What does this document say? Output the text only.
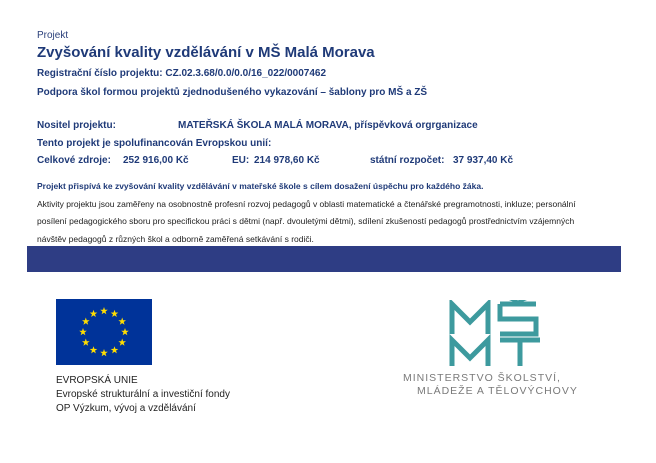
Projekt
Zvyšování kvality vzdělávání v MŠ Malá Morava
Registrační číslo projektu: CZ.02.3.68/0.0/0.0/16_022/0007462
Podpora škol formou projektů zjednodušeného vykazování – šablony pro MŠ a ZŠ
Nositel projektu:	MATEŘSKÁ ŠKOLA MALÁ MORAVA, příspěvková orgrganizace
Tento projekt je spolufinancován Evropskou unií:
Celkové zdroje: 252 916,00 Kč	EU: 214 978,60 Kč	státní rozpočet: 37 937,40 Kč
Projekt přispívá ke zvyšování kvality vzdělávání v mateřské škole s cílem dosažení úspěchu pro každého žáka.
Aktivity projektu jsou zaměřeny na osobnostně profesní rozvoj pedagogů v oblasti matematické a čtenářské pregramotnosti, inkluze; personální posílení pedagogického sboru pro specifickou práci s dětmi (např. dvouletými dětmi), sdílení zkušeností pedagogů prostřednictvím vzájemných návštěv pedagogů z různých škol a odborně zaměřená setkávání s rodiči.
EVROPSKÁ UNIE
Evropské strukturální a investiční fondy
OP Výzkum, vývoj a vzdělávání
MINISTERSTVO ŠKOLSTVÍ,
MLÁDEŽE A TĚLOVÝCHOVY
